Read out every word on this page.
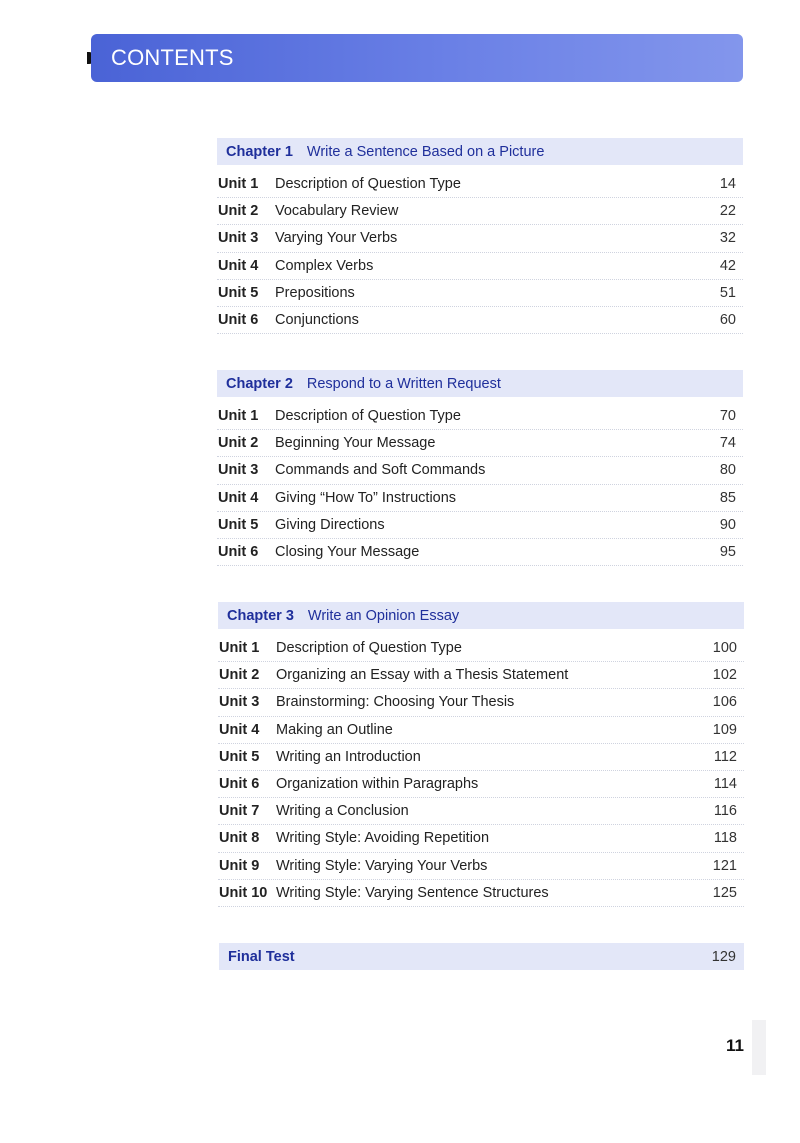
CONTENTS
Chapter 1 Write a Sentence Based on a Picture
Unit 1	Description of Question Type	14
Unit 2	Vocabulary Review	22
Unit 3	Varying Your Verbs	32
Unit 4	Complex Verbs	42
Unit 5	Prepositions	51
Unit 6	Conjunctions	60
Chapter 2 Respond to a Written Request
Unit 1	Description of Question Type	70
Unit 2	Beginning Your Message	74
Unit 3	Commands and Soft Commands	80
Unit 4	Giving “How To” Instructions	85
Unit 5	Giving Directions	90
Unit 6	Closing Your Message	95
Chapter 3 Write an Opinion Essay
Unit 1	Description of Question Type	100
Unit 2	Organizing an Essay with a Thesis Statement	102
Unit 3	Brainstorming: Choosing Your Thesis	106
Unit 4	Making an Outline	109
Unit 5	Writing an Introduction	112
Unit 6	Organization within Paragraphs	114
Unit 7	Writing a Conclusion	116
Unit 8	Writing Style: Avoiding Repetition	118
Unit 9	Writing Style: Varying Your Verbs	121
Unit 10 Writing Style: Varying Sentence Structures	125
Final Test	129
11
